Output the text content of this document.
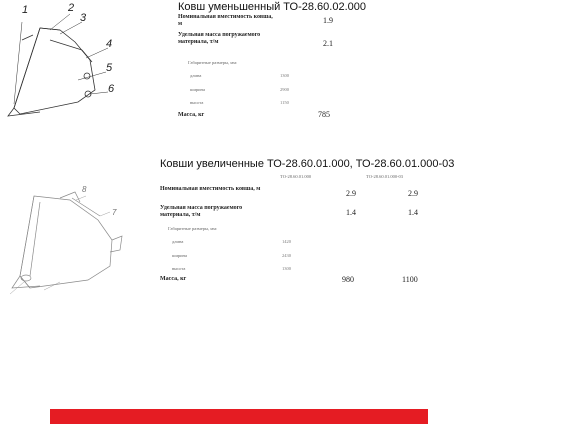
1	2
3
4
5
6
Ковш уменьшенный ТО-28.60.02.000
Номинальная вместимость ковша, м	1.9
Удельная масса погружаемого материала, т/м	2.1
Габаритные размеры, мм:
длина	1300
ширина	2900
высота	1150
Масса, кг	785
8
7
Ковши увеличенные ТО-28.60.01.000, ТО-28.60.01.000-03
ТО-28.60.01.000	ТО-28.60.01.000-03
Номинальная вместимость ковша, м	2.9	2.9
Удельная масса погружаемого материала, т/м	1.4	1.4
Габаритные размеры, мм:
длина	1420
ширина	2430
высота	1300
Масса, кг	980	1100
